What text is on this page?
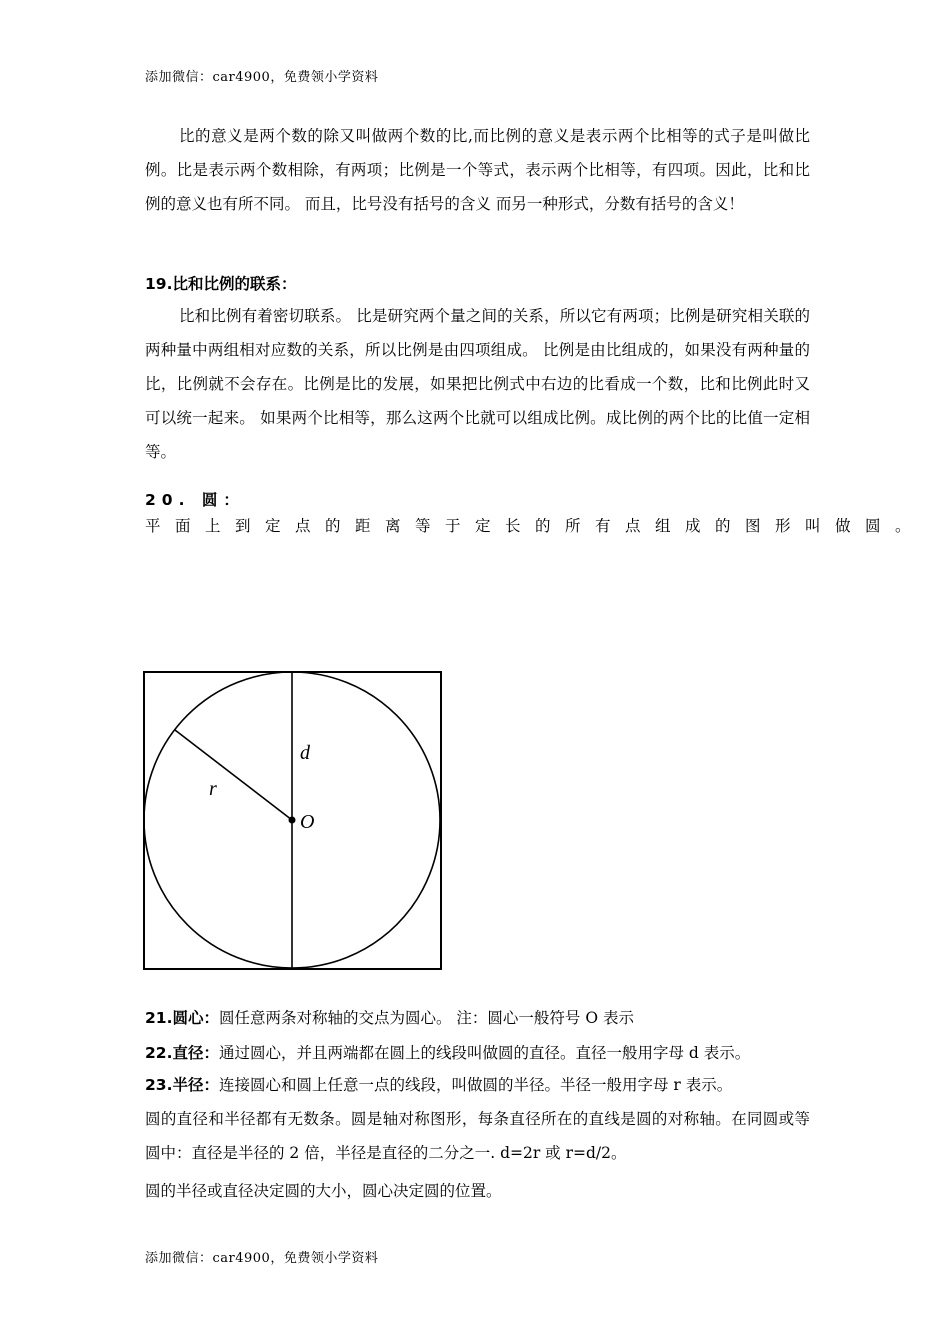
添加微信：car4900，免费领小学资料
比的意义是两个数的除又叫做两个数的比,而比例的意义是表示两个比相等的式子是叫做比例。比是表示两个数相除，有两项；比例是一个等式，表示两个比相等，有四项。因此，比和比例的意义也有所不同。 而且，比号没有括号的含义 而另一种形式，分数有括号的含义！
19.比和比例的联系：
比和比例有着密切联系。 比是研究两个量之间的关系，所以它有两项；比例是研究相关联的两种量中两组相对应数的关系，所以比例是由四项组成。 比例是由比组成的，如果没有两种量的比，比例就不会存在。比例是比的发展，如果把比例式中右边的比看成一个数，比和比例此时又可以统一起来。 如果两个比相等，那么这两个比就可以组成比例。成比例的两个比的比值一定相等。
20. 圆： 平面上到定点的距离等于定长的所有点组成的图形叫做圆。
d
r
O
21.圆心：圆任意两条对称轴的交点为圆心。 注：圆心一般符号 O 表示
22.直径：通过圆心，并且两端都在圆上的线段叫做圆的直径。直径一般用字母 d 表示。
23.半径：连接圆心和圆上任意一点的线段，叫做圆的半径。半径一般用字母 r 表示。
圆的直径和半径都有无数条。圆是轴对称图形，每条直径所在的直线是圆的对称轴。在同圆或等圆中：直径是半径的 2 倍，半径是直径的二分之一. d=2r 或 r=d/2。
圆的半径或直径决定圆的大小，圆心决定圆的位置。
添加微信：car4900，免费领小学资料
